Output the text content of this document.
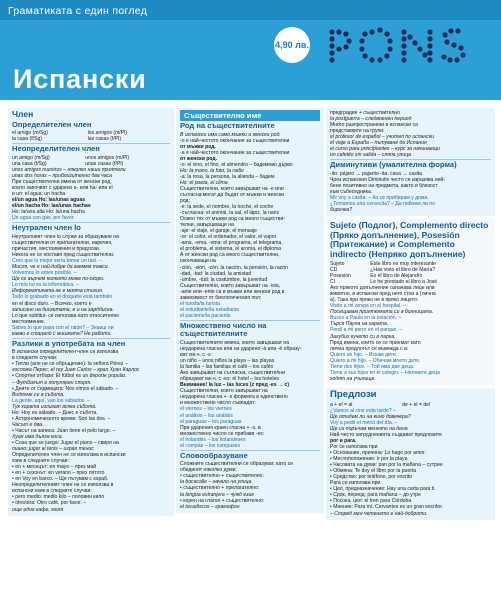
Граматиката с един поглед
4,90 лв.
Испански
Член
Определителен член
el amigo (m/Sg)	los amigos (m/Pl)
la casa (f/Sg)	las casas (f/Pl)
Неопределителен член
un amigo (m/Sg)	unos amigos (m/Pl)
una casa (f/Sg)	unas casas (f/Pl)
unos amigos nuestros – няколко наши приятели
unas dos horas – приблизително два часа
При съществителни имена от женски род,
които започват с ударено a- или ha- или el
и un: el agua; un hacha
el/un agua Но: las/unas aguas
el/un hacha Но: las/unas hachas
Но: la/una alta Но: la/una hacha
Un agua con gas, por favor.
Неутрален член lo
Неутралният член lo служи за образуване на
съществителни от прилагателни, наречия,
причастия, местоимения и предлози.
Никога не се поставя пред съществителни.
Creo que lo mejor sería tomar un taxi. –
Мисля, че е най-добре да вземем такси.
Volvemos lo antes posible. –
Ще се върнем колкото може по-скоро.
Lo mío no es la informática. –
Информатиката не е моята стихия.
Todo lo grabado en el disquete está también
en el disco duro. – Всичко, което е
записано на дискетата, е и на харддиска.
Lo que subtitul- се използва като относително
местоимение.
Sabes lo que pasa con el ratón? – Знаеш ли
какво е станало с мишката? Не работи.
Разлики в употребата на член
В испански определителен член се използва
в следните случаи:
• Титли (але не се обръщение): la señora Pérez –
госпожа Перес; el rey Juan Carlos – крал Хуан Карлос
• Спортни отбори: El fútbol es un deporte popular.
– Футболът е популярен спорт.
• Дните от седмицата: Nos vimos el sábado. –
Видяхме се в събота.
La gente, aquí, van los sábados. –
Тук хората излизат всяка събота.
Но: Hoy es sábado. – Днес е събота.
• Астрономическото време: Son las dos. –
Часът е два.
• Часът на записа: Juan tiene el pelo largo. –
Хуан има дълга коса.
• Cosa que se juega: Jugar el piano – свиря на
пиано; jugar al tenis – играя тенис
Определителен член не се използва в испански
език в следните случаи:
• en + месецът: en mayo – през май
• en + сезонът: en verano – през лятото
• en Voy en barco. – Ще пътувам с кораб.
Неопределителният член не се използва в
испански език в следните случаи:
• pero medio: medio kilo – половин кило
• otro/otra: Otro café, por favor. –
още едно кафе, моля
Съществително име
Род на съществителните
В испански има само мъжки и женски род.
-o е най-честото окончание за съществителни
от мъжки род.
-a е най-честото окончание за съществителни
от женски род.
-o: el vino, el fino, el almendro – бадемово дърво
Но: la mano, la foto, la radio
-a: la rosa, la persona, la alienda – бадем
Но: el poeta, el clima
Съществителни, които завършват на -e или
съгласна могат да бъдат от мъжки и женски
род:
-e: la sede, el nombre, la noche, el coche
-съгласна: el animal, la sal, el lápiz, la nariz
Освен тях от мъжки род са много съществи-
телни, завършващи на
-aje: el viaje, el garaje, el mensaje
-or: el color, el ordenador, el valor, el vapor
-ama, -ema, -oma: el programa, el telegrama,
el problema, el sistema, el aroma, el diploma
А от женски род са много съществителни,
окончаващи на
-ción, -sión, -zón: la nación, la pensión, la razón
-dad, -tad: la ciudad, la amistad
-umbre, -tud: la costumbre, la juventud
Съществителни, които завършват на -ista,
-ante или -ente са в мъжки или женски род в
зависимост от биологическия пол:
el turista/la turista
el estudiante/la estudiante
el paciente/la paciente
Множествено число на съществителните
Съществителните имена, които завършват на
неударена гласна или на ударено -á или -é образу-
ват мн.ч. с -s:
un niño – unos niños la playa – las playas
la familia – las familias el café – los cafés
Ако завършват на съгласна, съществителни
образуват мн.ч. с -es: el hotel – los hoteles
Внимание! la luz – las luces (z пред -es → c)
Съществителни, които завършват на
неударена гласна + -s формата в единствено
и множествено число съвпадат:
el viernes – los viernes
el análisis – los análisis
el paraguas – los paraguas
При ударения краен гласна + -s, в
множествено число се прибавя -es:
el holandés – los holandeses
el compás – los compases
Словообразуване
Сложните съществителни се образуват, като се
обединят няколко думи:
• съществително + съществително:
la bocacalle – начало на улица
• съществително + прилагателно:
la lengua extranjera – чужд език
• корен на глагол + съществително:
el tocadiscos – грамофон
предградие + съществително
la postguerra – следвоенен период
Много разпространени в испански са
представките на групи:
el profesor de español – учител по испански
el viaje a España – пътуване до Испания
el curso para principiantes – курс за начинаещи
un cafetito sin salida – сляпа улица
Диминутиви (умалителна форма)
-ito: pájaro → pajarito -ita: casa → casita
Чрез испанския Diminutiv често се изразява ней-
бене позитивно на предмета, както и близост
към събеседника.
Me voy a casita. – Аз се прибирам у дома.
¿Tomamos una cervecita? – Да пийнем ли по
биричка?
Sujeto (Подлог), Complemento directo (Пряко допълнение), Posesión (Притежание) и Complemento indirecto (Непряко допълнение)
Sujeto	Este libro es muy interesante
CD	¿Has visto el libro de María?
Posesión	Es el libro de Alejandro
CI	Le he prestado el libro a José
Ако прякото допълнение означава лице или
животно, в испански пред него стои a (лична
a). Така при пряко не в пряко лицето:
Visito a mi amiga en el hospital. –
Посещавам приятелката си в болницата.
Busco a Paula en la estación. –
Търся Паула на гарата.
Perdí a mi perro en el parque. –
Загубих кучето си в парка.
Пред имена, които се се приемат като
лична предлогът се въвежда с a:
Quiero un hijo. – Искам дете.
Quiero a mi hijo. – Обичам моето дете.
Tiene dos hijos. – Той има две деца.
Tiene a sus hijos en el colegio. – Неговите деца
ходят на училище.
Предлози
a + el = al	de + el = del
¿Vamos al cine esta tarde? –
Ще отидем ли на кино довечера?
Voy a pedir el menú del día. –
Ще си поръчам менюто на деня.
Най-често затрудненията създават предлозите
por и para.
Por се използва при
• Основание, причина: Lo hago por amor.
• Местоположение: ir por la playa
• Часовата на думи: pan por la mañana – сутрин
• Обмяна: Te doy el libro por la puerta
• Средство: por teléfono, por escrito
Para се използва при
• Цел, предназначение: Hay una carta para ti.
• Срок, период: para mañana – до утре
• Посока, цел: el tren para Córdoba
• Мнение: Para mí, Cervantes es un gran escritor.
– Според мен четенето е най-доброто.
